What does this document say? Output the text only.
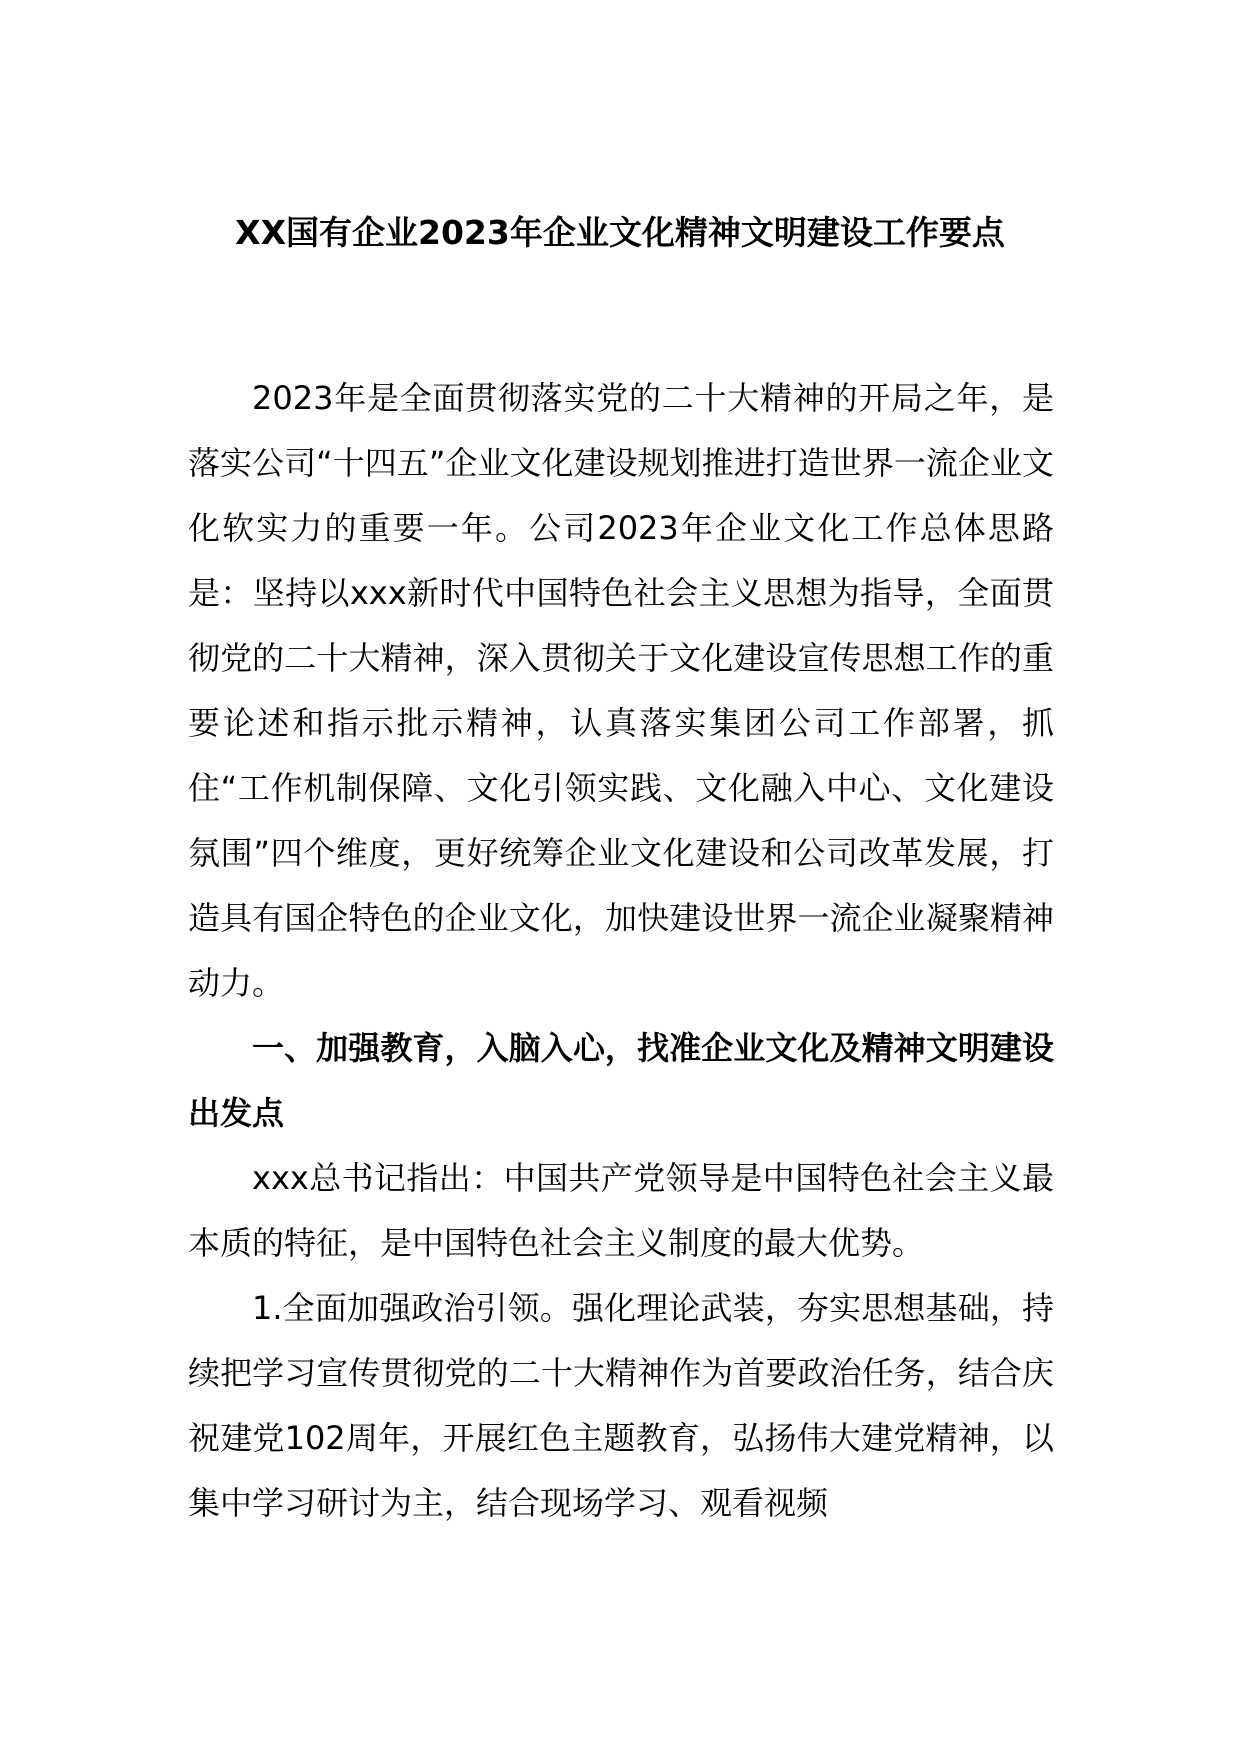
XX国有企业2023年企业文化精神文明建设工作要点

2023年是全面贯彻落实党的二十大精神的开局之年，是落实公司“十四五”企业文化建设规划推进打造世界一流企业文化软实力的重要一年。公司2023年企业文化工作总体思路是：坚持以xxx新时代中国特色社会主义思想为指导，全面贯彻党的二十大精神，深入贯彻关于文化建设宣传思想工作的重要论述和指示批示精神，认真落实集团公司工作部署，抓住“工作机制保障、文化引领实践、文化融入中心、文化建设氛围”四个维度，更好统筹企业文化建设和公司改革发展，打造具有国企特色的企业文化，加快建设世界一流企业凝聚精神动力。

一、加强教育，入脑入心，找准企业文化及精神文明建设出发点

xxx总书记指出：中国共产党领导是中国特色社会主义最本质的特征，是中国特色社会主义制度的最大优势。

1.全面加强政治引领。强化理论武装，夯实思想基础，持续把学习宣传贯彻党的二十大精神作为首要政治任务，结合庆祝建党102周年，开展红色主题教育，弘扬伟大建党精神，以集中学习研讨为主，结合现场学习、观看视频
